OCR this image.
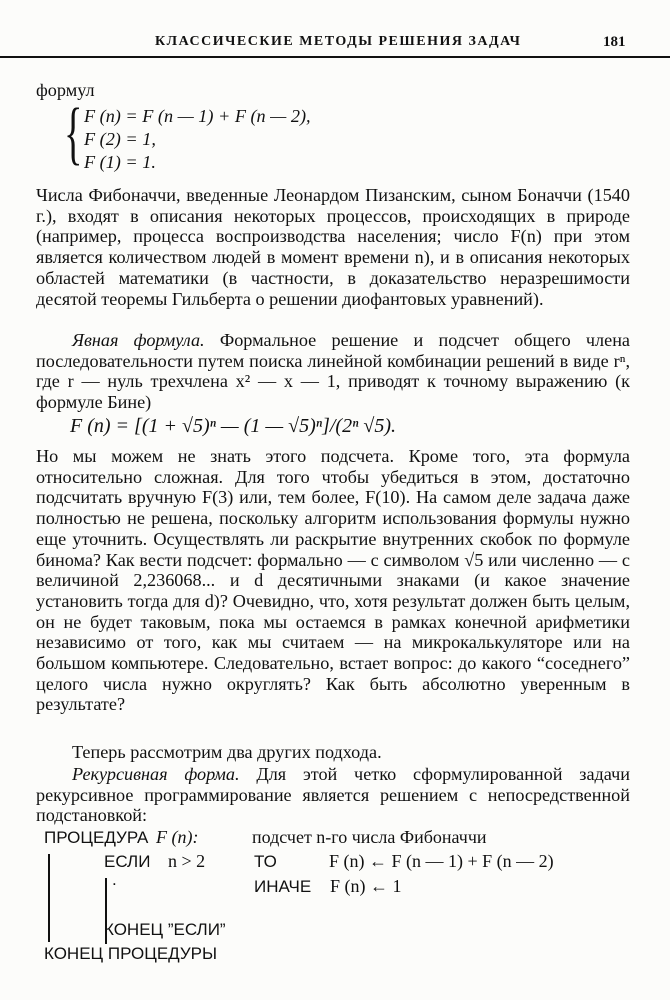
КЛАССИЧЕСКИЕ МЕТОДЫ РЕШЕНИЯ ЗАДАЧ	181
формул
{ F (n) = F (n — 1) + F (n — 2),
F (2) = 1,
F (1) = 1.

Числа Фибоначчи, введенные Леонардом Пизанским, сыном Боначчи (1540 г.), входят в описания некоторых процессов, происходящих в природе (например, процесса воспроизводства населения; число F(n) при этом является количеством людей в момент времени n), и в описания некоторых областей математики (в частности, в доказательство неразрешимости десятой теоремы Гильберта о решении диофантовых уравнений).

Явная формула. Формальное решение и подсчет общего члена последовательности путем поиска линейной комбинации решений в виде rⁿ, где r — нуль трехчлена x² — x — 1, приводят к точному выражению (к формуле Бине)

F (n) = [(1 + √5)ⁿ — (1 — √5)ⁿ]/(2ⁿ √5).

Но мы можем не знать этого подсчета. Кроме того, эта формула относительно сложная. Для того чтобы убедиться в этом, достаточно подсчитать вручную F(3) или, тем более, F(10). На самом деле задача даже полностью не решена, поскольку алгоритм использования формулы нужно еще уточнить. Осуществлять ли раскрытие внутренних скобок по формуле бинома? Как вести подсчет: формально — с символом √5 или численно — с величиной 2,236068... и d десятичными знаками (и какое значение установить тогда для d)? Очевидно, что, хотя результат должен быть целым, он не будет таковым, пока мы остаемся в рамках конечной арифметики независимо от того, как мы считаем — на микрокалькуляторе или на большом компьютере. Следовательно, встает вопрос: до какого “соседнего” целого числа нужно округлять? Как быть абсолютно уверенным в результате?

Теперь рассмотрим два других подхода.

Рекурсивная форма. Для этой четко сформулированной задачи рекурсивное программирование является решением с непосредственной подстановкой:

ПРОЦЕДУРА F (n):	подсчет n-го числа Фибоначчи
ЕСЛИ n > 2	ТО	F (n) ← F (n — 1) + F (n — 2)
.	ИНАЧЕ F (n) ← 1
КОНЕЦ ”ЕСЛИ”
КОНЕЦ ПРОЦЕДУРЫ
